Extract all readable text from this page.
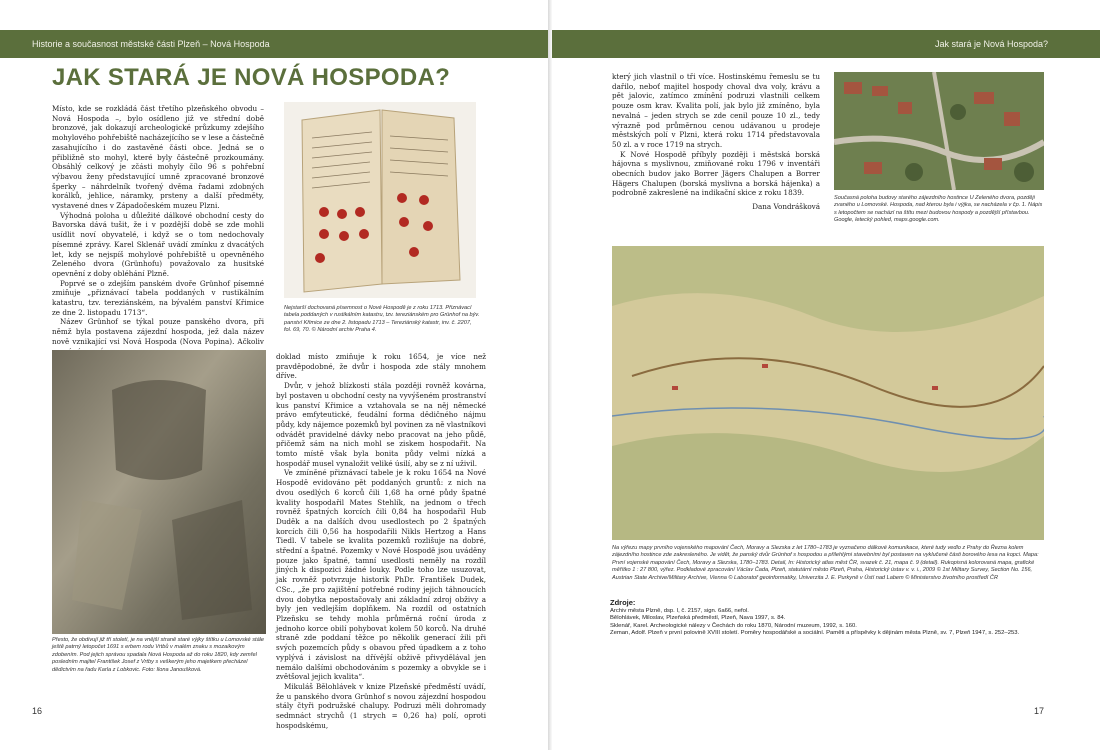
Historie a současnost městské části Plzeň – Nová Hospoda	Jak stará je Nová Hospoda?
JAK STARÁ JE NOVÁ HOSPODA?

Místo, kde se rozkládá část třetího plzeňského obvodu – Nová Hospoda –, bylo osídleno již ve střední době bronzové, jak dokazují archeologické průzkumy zdejšího mohylového pohřebiště nacházejícího se v lese a částečně zasahujícího i do zastavěné části obce. Jedná se o přibližně sto mohyl, které byly částečně prozkoumány. Obsáhlý celkový je zčásti mohyly čílo 96 s pohřební výbavou ženy představující umně zpracované bronzové šperky – náhrdelník tvořený dvěma řadami zdobných korálků, jehlice, náramky, prsteny a další předměty, vystavené dnes v Západočeském muzeu Plzni.

Výhodná poloha u důležité dálkové obchodní cesty do Bavorska dává tušit, že i v pozdější době se zde mohli usídlit noví obyvatelé, i když se o tom nedochovaly písemné zprávy. Karel Sklenář uvádí zmínku z dvacátých let, kdy se nejspíš mohylové pohřebiště u opevněného Zeleného dvora (Grünhofu) považovalo za husitské opevnění z doby obléhání Plzně.

Poprvé se o zdejším panském dvoře Grünhof písemné zmiňuje „přiznávací tabela poddaných v rustikálním katastru, tzv. tereziánském, na bývalém panství Křimice ze dne 2. listopadu 1713“.

Název Grünhof se týkal pouze panského dvora, při němž byla postavena zájezdní hospoda, jež dala název nově vznikající vsi Nová Hospoda (Nova Popina). Ačkoliv

Nejstarší dochovaná písemnost o Nové Hospodě je z roku 1713. Přiznávací tabela poddaných v rustikálním katastru, tzv. tereziánském pro Grünhof na býv. panství Křimice ze dne 2. listopadu 1713 – Tereziánský katastr, inv. č. 2207, fol. 69, 70. © Národní archiv Praha 4.
Přesto, že obdivují již tři století, je na vnější straně staré výjky štítku u Lomovské stále ještě patrný letopočet 1691 s erbem rodu Vrtbů v malém znaku s mozaikovým zdobením. Pod jejich správou spadala Nová Hospoda až do roku 1820, kdy zemřel posledním majitel František Josef z Vrtby s veškerým jeho majetkem přecházel dědictvím na řadu Karla z Lobkovic. Foto: Ilona Janoušková.

doklad místo zmiňuje k roku 1654, je více než pravděpodobné, že dvůr i hospoda zde stály mnohem dříve.

Dvůr, v jehož blízkosti stála později rovněž kovárna, byl postaven u obchodní cesty na vyvýšeném prostranství kus panství Křimice a vztahovala se na něj německé právo emfyteutické, feudální forma dědičného nájmu půdy, kdy nájemce pozemků byl povinen za ně vlastníkovi odvádět pravidelné dávky nebo pracovat na jeho půdě, přičemž sám na nich mohl se ziskem hospodařit. Na tomto místě však byla bonita půdy velmi nízká a hospodář musel vynaložit veliké úsilí, aby se z ní uživil.

Ve zmíněné přiznávací tabele je k roku 1654 na Nové Hospodě evidováno pět poddaných gruntů: z nich na dvou osedlých 6 korců čili 1,68 ha orné půdy špatné kvality hospodařil Mates Stehlík, na jednom o třech rovněž špatných korcích čili 0,84 ha hospodařil Hub Duděk a na dalších dvou usedlostech po 2 špatných korcích čili 0,56 ha hospodařili Nikls Hertzog a Hans Tiedl. V tabele se kvalita pozemků rozlišuje na dobré, střední a špatné. Pozemky v Nové Hospodě jsou uváděny pouze jako špatné, tamní usedlosti neměly na rozdíl jiných k dispozici žádné louky. Podle toho lze usuzovat, jak rovněž potvrzuje historik PhDr. František Dudek, CSc., „že pro zajištění potřebné rodiny jejich táhnoucích dvou dobytka nepostačovaly ani základní zdroj obživy a byly jen vedlejším doplňkem. Na rozdíl od ostatních Plzeňsku se tehdy mohla průměrná roční úroda z jednoho korce obilí pohybovat kolem 50 korců. Na druhé straně zde poddaní těžce po několik generací žili při svých pozemcích půdy s obavou před úpadkem a z toho vyplývá i závislost na dřívější obživě přivydělával jen nemálo dalšími obchodováním s pozemky a obvykle se i zvětšoval jejich kvalita“.

Mikuláš Bělohlávek v knize Plzeňské předměstí uvádí, že u panského dvora Grünhof s novou zájezdní hospodou stály čtyři podružské chalupy. Podruzi měli dohromady sedmnáct strychů (1 strych = 0,26 ha) polí, oproti hospodskému,

který jich vlastnil o tři více. Hostinskému řemeslu se tu dařilo, neboť majitel hospody choval dva voly, krávu a pět jalovic, zatímco zmínění podruzi vlastnili celkem pouze osm krav. Kvalita polí, jak bylo již zmíněno, byla nevalná – jeden strych se zde cenil pouze 10 zl., tedy výrazně pod průměrnou cenou udávanou u prodeje městských polí v Plzni, která roku 1714 představovala 50 zl. a v roce 1719 na strych.

K Nové Hospodě příbyly později i městská borská hájovna s myslivnou, zmiňované roku 1796 v inventáři obecních budov jako Borrer Jägers Chalupen a Borrer Hägers Chalupen (borská myslivna a borská hájenka) a podrobně zakreslené na indikační skice z roku 1839.

Dana Vondrášková

Současná poloha budovy starého zájezdního hostince U Zeleného dvora, později zvaného u Lomovské. Hospoda, nad kterou byla i výjka, se nacházela v čp. 1. Nápis s letopočtem se nachází na štítu mezi budovou hospody a pozdější přístavbou. Google, letecký pohled, maps.google.com.
Na výřezu mapy prvního vojenského mapování Čech, Moravy a Slezska z let 1780–1783 je vyznačeno dálkové komunikace, které tudy vedlo z Prahy do Řezna kolem zájezdního hostince zde zakresleného. Je vidět, že panský dvůr Grünhof s hospodou a přilehlými stavebními byl postaven na vyklučené části borového lesa na kopci. Mapa: První vojenské mapování Čech, Moravy a Slezska, 1780–1783. Detail, In: Historický atlas měst ČR, svazek č. 21, mapa č. 9 (detail). Rukopisná kolorovaná mapa, grafické měřítko 1 : 27 800, výřez. Podkladové zpracování Václav Čada, Plzeň, statutární město Plzeň, Praha, Historický ústav v. v. i., 2009 © 1st Military Survey, Section No. 156, Austrian State Archive/Military Archive, Vienna © Laboratoř geoinformatiky, Univerzita J. E. Purkyně v Ústí nad Labem © Ministerstvo životního prostředí ČR
Zdroje:
Archiv města Plzně, dsp. I, č. 2157, sign. 6a66, nefol.
Bělohlávek, Miloslav, Plzeňská předměstí, Plzeň, Nava 1997, s. 84.
Sklenář, Karel. Archeologické nálezy v Čechách do roku 1870, Národní muzeum, 1992, s. 160.
Zeman, Adolf. Plzeň v první polovině XVIII století. Poměry hospodářské a sociální. Paměti a příspěvky k dějinám města Plzně, sv. 7, Plzeň 1947, s. 252–253.
16	17
